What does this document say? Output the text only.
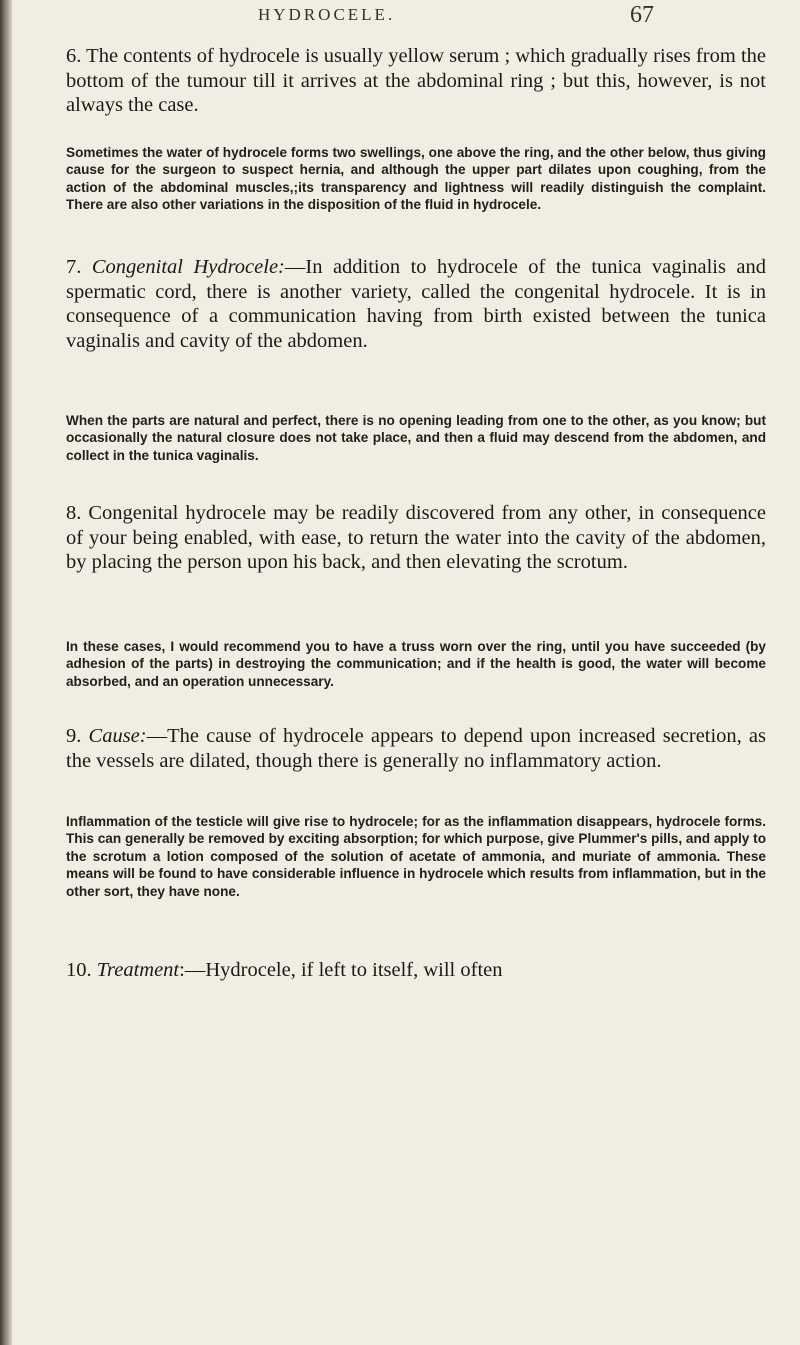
HYDROCELE.	67

6. The contents of hydrocele is usually yellow serum ; which gradually rises from the bottom of the tumour till it arrives at the abdominal ring ; but this, however, is not always the case.

Sometimes the water of hydrocele forms two swellings, one above the ring, and the other below, thus giving cause for the surgeon to suspect hernia, and although the upper part dilates upon coughing, from the action of the abdominal muscles,;its transparency and lightness will readily distinguish the complaint. There are also other variations in the disposition of the fluid in hydrocele.

7. Congenital Hydrocele:—In addition to hydrocele of the tunica vaginalis and spermatic cord, there is another variety, called the congenital hydrocele. It is in consequence of a communication having from birth existed between the tunica vaginalis and cavity of the abdomen.

When the parts are natural and perfect, there is no opening leading from one to the other, as you know; but occasionally the natural closure does not take place, and then a fluid may descend from the abdomen, and collect in the tunica vaginalis.

8. Congenital hydrocele may be readily discovered from any other, in consequence of your being enabled, with ease, to return the water into the cavity of the abdomen, by placing the person upon his back, and then elevating the scrotum.

In these cases, I would recommend you to have a truss worn over the ring, until you have succeeded (by adhesion of the parts) in destroying the communication; and if the health is good, the water will become absorbed, and an operation unnecessary.

9. Cause:—The cause of hydrocele appears to depend upon increased secretion, as the vessels are dilated, though there is generally no inflammatory action.

Inflammation of the testicle will give rise to hydrocele; for as the inflammation disappears, hydrocele forms. This can generally be removed by exciting absorption; for which purpose, give Plummer's pills, and apply to the scrotum a lotion composed of the solution of acetate of ammonia, and muriate of ammonia. These means will be found to have considerable influence in hydrocele which results from inflammation, but in the other sort, they have none.

10. Treatment:—Hydrocele, if left to itself, will often
